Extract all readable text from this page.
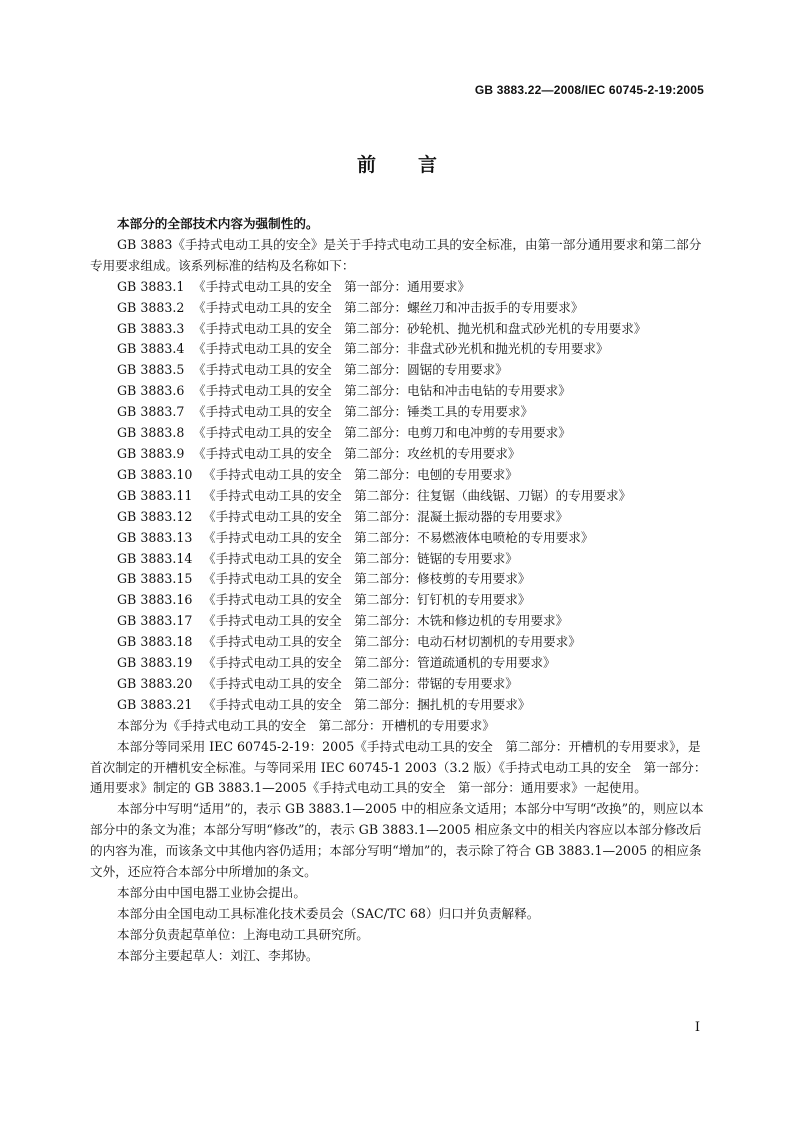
GB 3883.22—2008/IEC 60745-2-19:2005
前 言

本部分的全部技术内容为强制性的。

GB 3883《手持式电动工具的安全》是关于手持式电动工具的安全标准，由第一部分通用要求和第二部分专用要求组成。该系列标准的结构及名称如下：

GB 3883.1 《手持式电动工具的安全　第一部分：通用要求》
GB 3883.2 《手持式电动工具的安全　第二部分：螺丝刀和冲击扳手的专用要求》
GB 3883.3 《手持式电动工具的安全　第二部分：砂轮机、抛光机和盘式砂光机的专用要求》
GB 3883.4 《手持式电动工具的安全　第二部分：非盘式砂光机和抛光机的专用要求》
GB 3883.5 《手持式电动工具的安全　第二部分：圆锯的专用要求》
GB 3883.6 《手持式电动工具的安全　第二部分：电钻和冲击电钻的专用要求》
GB 3883.7 《手持式电动工具的安全　第二部分：锤类工具的专用要求》
GB 3883.8 《手持式电动工具的安全　第二部分：电剪刀和电冲剪的专用要求》
GB 3883.9 《手持式电动工具的安全　第二部分：攻丝机的专用要求》
GB 3883.10 《手持式电动工具的安全　第二部分：电刨的专用要求》
GB 3883.11 《手持式电动工具的安全　第二部分：往复锯（曲线锯、刀锯）的专用要求》
GB 3883.12 《手持式电动工具的安全　第二部分：混凝土振动器的专用要求》
GB 3883.13 《手持式电动工具的安全　第二部分：不易燃液体电喷枪的专用要求》
GB 3883.14 《手持式电动工具的安全　第二部分：链锯的专用要求》
GB 3883.15 《手持式电动工具的安全　第二部分：修枝剪的专用要求》
GB 3883.16 《手持式电动工具的安全　第二部分：钉钉机的专用要求》
GB 3883.17 《手持式电动工具的安全　第二部分：木铣和修边机的专用要求》
GB 3883.18 《手持式电动工具的安全　第二部分：电动石材切割机的专用要求》
GB 3883.19 《手持式电动工具的安全　第二部分：管道疏通机的专用要求》
GB 3883.20 《手持式电动工具的安全　第二部分：带锯的专用要求》
GB 3883.21 《手持式电动工具的安全　第二部分：捆扎机的专用要求》

本部分为《手持式电动工具的安全　第二部分：开槽机的专用要求》

本部分等同采用 IEC 60745-2-19：2005《手持式电动工具的安全　第二部分：开槽机的专用要求》，是首次制定的开槽机安全标准。与等同采用 IEC 60745-1 2003（3.2 版）《手持式电动工具的安全　第一部分：通用要求》制定的 GB 3883.1—2005《手持式电动工具的安全　第一部分：通用要求》一起使用。

本部分中写明“适用”的，表示 GB 3883.1—2005 中的相应条文适用；本部分中写明“改换”的，则应以本部分中的条文为准；本部分写明“修改”的，表示 GB 3883.1—2005 相应条文中的相关内容应以本部分修改后的内容为准，而该条文中其他内容仍适用；本部分写明“增加”的，表示除了符合 GB 3883.1—2005 的相应条文外，还应符合本部分中所增加的条文。

本部分由中国电器工业协会提出。

本部分由全国电动工具标准化技术委员会（SAC/TC 68）归口并负责解释。

本部分负责起草单位：上海电动工具研究所。

本部分主要起草人：刘江、李邦协。

I
